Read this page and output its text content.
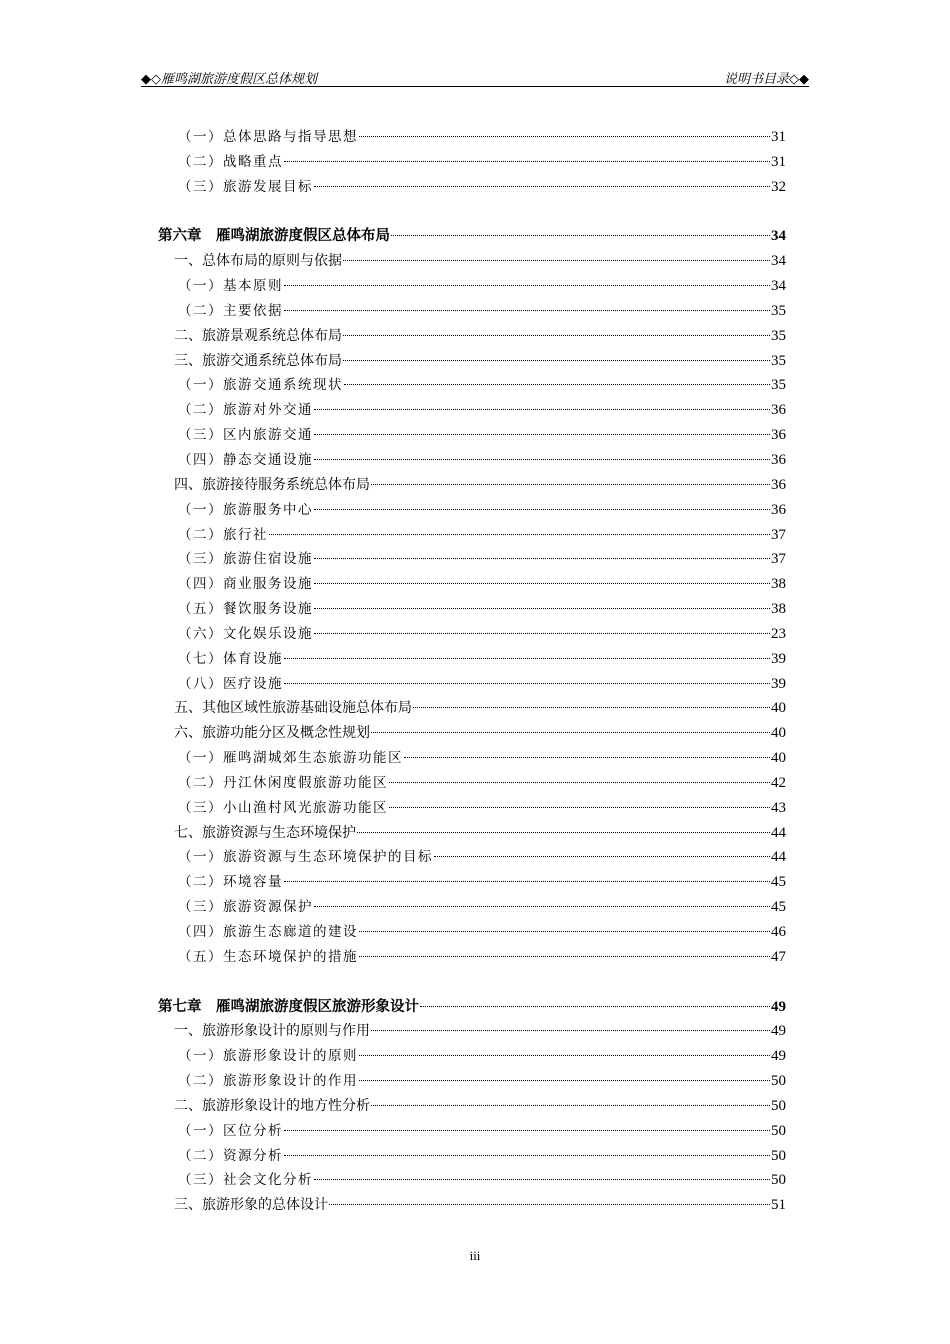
◆◇雁鸣湖旅游度假区总体规划	说明书目录◇◆
（一）总体思路与指导思想	31
（二）战略重点	31
（三）旅游发展目标	32
第六章　雁鸣湖旅游度假区总体布局	34
一、总体布局的原则与依据	34
（一）基本原则	34
（二）主要依据	35
二、旅游景观系统总体布局	35
三、旅游交通系统总体布局	35
（一）旅游交通系统现状	35
（二）旅游对外交通	36
（三）区内旅游交通	36
（四）静态交通设施	36
四、旅游接待服务系统总体布局	36
（一）旅游服务中心	36
（二）旅行社	37
（三）旅游住宿设施	37
（四）商业服务设施	38
（五）餐饮服务设施	38
（六）文化娱乐设施	23
（七）体育设施	39
（八）医疗设施	39
五、其他区域性旅游基础设施总体布局	40
六、旅游功能分区及概念性规划	40
（一）雁鸣湖城郊生态旅游功能区	40
（二）丹江休闲度假旅游功能区	42
（三）小山渔村风光旅游功能区	43
七、旅游资源与生态环境保护	44
（一）旅游资源与生态环境保护的目标	44
（二）环境容量	45
（三）旅游资源保护	45
（四）旅游生态廊道的建设	46
（五）生态环境保护的措施	47
第七章　雁鸣湖旅游度假区旅游形象设计	49
一、旅游形象设计的原则与作用	49
（一）旅游形象设计的原则	49
（二）旅游形象设计的作用	50
二、旅游形象设计的地方性分析	50
（一）区位分析	50
（二）资源分析	50
（三）社会文化分析	50
三、旅游形象的总体设计	51
iii
